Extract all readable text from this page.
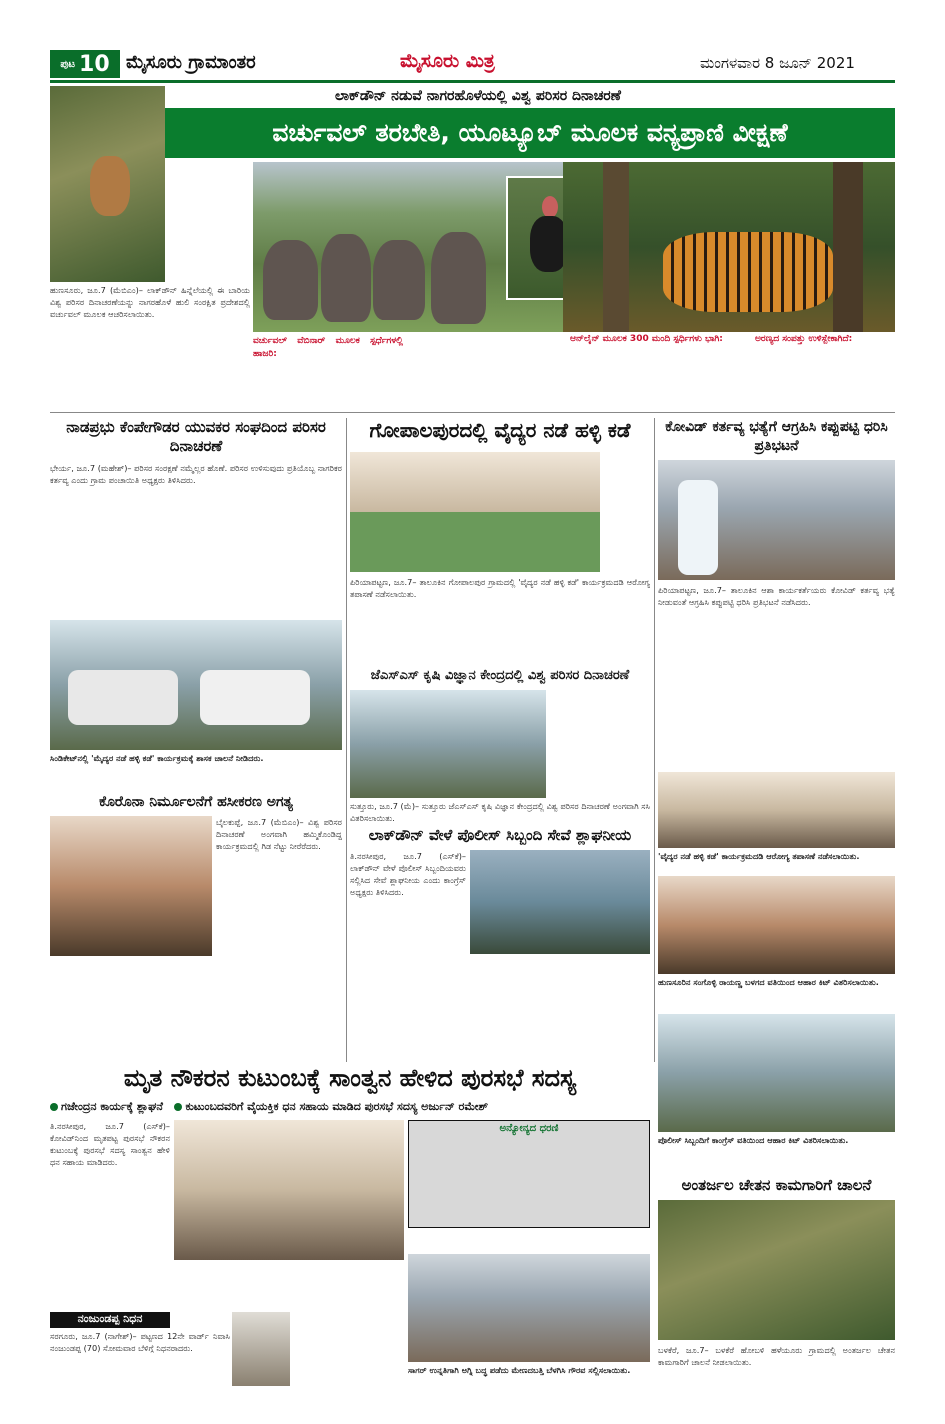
ಪುಟ 10 ಮೈಸೂರು ಗ್ರಾಮಾಂತರ	ಮೈಸೂರು ಮಿತ್ರ	ಮಂಗಳವಾರ 8 ಜೂನ್ 2021
ಲಾಕ್‌ಡೌನ್ ನಡುವೆ ನಾಗರಹೊಳೆಯಲ್ಲಿ ವಿಶ್ವ ಪರಿಸರ ದಿನಾಚರಣೆ
ವರ್ಚುವಲ್ ತರಬೇತಿ, ಯೂಟ್ಯೂಬ್ ಮೂಲಕ ವನ್ಯಪ್ರಾಣಿ ವೀಕ್ಷಣೆ
ಹುಣಸೂರು, ಜೂ.7 (ಮೆಬಿಎಂ)– ಲಾಕ್‌ಡೌನ್ ಹಿನ್ನೆಲೆಯಲ್ಲಿ ಈ ಬಾರಿಯ ವಿಶ್ವ ಪರಿಸರ ದಿನಾಚರಣೆಯನ್ನು ನಾಗರಹೊಳೆ ಹುಲಿ ಸಂರಕ್ಷಿತ ಪ್ರದೇಶದಲ್ಲಿ ವರ್ಚುವಲ್ ಮೂಲಕ ಆಚರಿಸಲಾಯಿತು.
ವರ್ಚುವಲ್ ವೆಬಿನಾರ್ ಮೂಲಕ ಸ್ಪರ್ಧೆಗಳಲ್ಲಿ ಹಾಜರಿ:
ಆನ್‌ಲೈನ್ ಮೂಲಕ 300 ಮಂದಿ ಸ್ಪರ್ಧಿಗಳು ಭಾಗಿ:	ಅರಣ್ಯದ ಸಂಪತ್ತು ಉಳಿಸ್ಬೇಕಾಗಿದೆ:
ನಾಡಪ್ರಭು ಕೆಂಪೇಗೌಡರ ಯುವಕರ ಸಂಘದಿಂದ ಪರಿಸರ ದಿನಾಚರಣೆ
ಭೇರ್ಯ, ಜೂ.7 (ಮಹೇಶ್)– ಪರಿಸರ ಸಂರಕ್ಷಣೆ ನಮ್ಮೆಲ್ಲರ ಹೊಣೆ. ಪರಿಸರ ಉಳಿಸುವುದು ಪ್ರತಿಯೊಬ್ಬ ನಾಗರಿಕರ ಕರ್ತವ್ಯ ಎಂದು ಗ್ರಾಮ ಪಂಚಾಯಿತಿ ಅಧ್ಯಕ್ಷರು ತಿಳಿಸಿದರು.
ಸಿಂಡಿಕೇಟ್‌ನಲ್ಲಿ 'ಮೈದ್ಯರ ನಡೆ ಹಳ್ಳಿ ಕಡೆ' ಕಾರ್ಯಕ್ರಮಕ್ಕೆ ಶಾಸಕ ಚಾಲನೆ ನೀಡಿದರು.
ಕೊರೊನಾ ನಿರ್ಮೂಲನೆಗೆ ಹಸೀಕರಣ ಅಗತ್ಯ
ಬೈಲಕುಪ್ಪೆ, ಜೂ.7 (ಮೆಬಿಎಂ)– ವಿಶ್ವ ಪರಿಸರ ದಿನಾಚರಣೆ ಅಂಗವಾಗಿ ಹಮ್ಮಿಕೊಂಡಿದ್ದ ಕಾರ್ಯಕ್ರಮದಲ್ಲಿ ಗಿಡ ನೆಟ್ಟು ನೀರೆರೆದರು.
ಗೋಪಾಲಪುರದಲ್ಲಿ ವೈದ್ಯರ ನಡೆ ಹಳ್ಳಿ ಕಡೆ
ಪಿರಿಯಾಪಟ್ಟಣ, ಜೂ.7– ತಾಲೂಕಿನ ಗೋಪಾಲಪುರ ಗ್ರಾಮದಲ್ಲಿ 'ವೈದ್ಯರ ನಡೆ ಹಳ್ಳಿ ಕಡೆ' ಕಾರ್ಯಕ್ರಮದಡಿ ಆರೋಗ್ಯ ತಪಾಸಣೆ ನಡೆಸಲಾಯಿತು.
ಜೆಎಸ್‌ಎಸ್ ಕೃಷಿ ವಿಜ್ಞಾನ ಕೇಂದ್ರದಲ್ಲಿ ವಿಶ್ವ ಪರಿಸರ ದಿನಾಚರಣೆ
ಸುತ್ತೂರು, ಜೂ.7 (ಮೆ)– ಸುತ್ತೂರು ಜೆಎಸ್‌ಎಸ್ ಕೃಷಿ ವಿಜ್ಞಾನ ಕೇಂದ್ರದಲ್ಲಿ ವಿಶ್ವ ಪರಿಸರ ದಿನಾಚರಣೆ ಅಂಗವಾಗಿ ಸಸಿ ವಿತರಿಸಲಾಯಿತು.
ಲಾಕ್‌ಡೌನ್ ವೇಳೆ ಪೊಲೀಸ್ ಸಿಬ್ಬಂದಿ ಸೇವೆ ಶ್ಲಾಘನೀಯ
ತಿ.ನರಸೀಪುರ, ಜೂ.7 (ಎಸ್‌ಕೆ)– ಲಾಕ್‌ಡೌನ್ ವೇಳೆ ಪೊಲೀಸ್ ಸಿಬ್ಬಂದಿಯವರು ಸಲ್ಲಿಸಿದ ಸೇವೆ ಶ್ಲಾಘನೀಯ ಎಂದು ಕಾಂಗ್ರೆಸ್ ಅಧ್ಯಕ್ಷರು ತಿಳಿಸಿದರು.
ಕೋವಿಡ್ ಕರ್ತವ್ಯ ಭತ್ಯೆಗೆ ಆಗ್ರಹಿಸಿ ಕಪ್ಪುಪಟ್ಟಿ ಧರಿಸಿ ಪ್ರತಿಭಟನೆ
ಪಿರಿಯಾಪಟ್ಟಣ, ಜೂ.7– ತಾಲೂಕಿನ ಆಶಾ ಕಾರ್ಯಕರ್ತೆಯರು ಕೋವಿಡ್ ಕರ್ತವ್ಯ ಭತ್ಯೆ ನೀಡುವಂತೆ ಆಗ್ರಹಿಸಿ ಕಪ್ಪುಪಟ್ಟಿ ಧರಿಸಿ ಪ್ರತಿಭಟನೆ ನಡೆಸಿದರು.
'ವೈದ್ಯರ ನಡೆ ಹಳ್ಳಿ ಕಡೆ' ಕಾರ್ಯಕ್ರಮದಡಿ ಆರೋಗ್ಯ ತಪಾಸಣೆ ನಡೆಸಲಾಯಿತು.
ಹುಣಸೂರಿನ ಸಂಗೊಳ್ಳಿ ರಾಯಣ್ಣ ಬಳಗದ ವತಿಯಿಂದ ಆಹಾರ ಕಿಟ್ ವಿತರಿಸಲಾಯಿತು.
ಪೊಲೀಸ್ ಸಿಬ್ಬಂದಿಗೆ ಕಾಂಗ್ರೆಸ್ ವತಿಯಿಂದ ಆಹಾರ ಕಿಟ್ ವಿತರಿಸಲಾಯಿತು.
ಅಂತರ್ಜಲ ಚೇತನ ಕಾಮಗಾರಿಗೆ ಚಾಲನೆ
ಬಳಕೆರೆ, ಜೂ.7– ಬಳಕೆರೆ ಹೋಬಳಿ ಹಳೆಯೂರು ಗ್ರಾಮದಲ್ಲಿ ಅಂತರ್ಜಲ ಚೇತನ ಕಾಮಗಾರಿಗೆ ಚಾಲನೆ ನೀಡಲಾಯಿತು.
ಮೃತ ನೌಕರನ ಕುಟುಂಬಕ್ಕೆ ಸಾಂತ್ವನ ಹೇಳಿದ ಪುರಸಭೆ ಸದಸ್ಯ
ಗಜೇಂದ್ರನ ಕಾರ್ಯಕ್ಕೆ ಶ್ಲಾಘನೆ ಕುಟುಂಬದವರಿಗೆ ವೈಯಕ್ತಿಕ ಧನ ಸಹಾಯ ಮಾಡಿದ ಪುರಸಭೆ ಸದಸ್ಯ ಅರ್ಜುನ್ ರಮೇಶ್
ತಿ.ನರಸೀಪುರ, ಜೂ.7 (ಎಸ್‌ಕೆ)– ಕೋವಿಡ್‌ನಿಂದ ಮೃತಪಟ್ಟ ಪುರಸಭೆ ನೌಕರನ ಕುಟುಂಬಕ್ಕೆ ಪುರಸಭೆ ಸದಸ್ಯ ಸಾಂತ್ವನ ಹೇಳಿ ಧನ ಸಹಾಯ ಮಾಡಿದರು.
ಅನ್ಯೋನ್ಯದ ಧರಣಿ
ಸಾಗರ್ ಉನ್ನತಿಗಾಗಿ ಅಗ್ನಿ ಬದ್ಧ ಪಡೆದು ಮೇಣದಬತ್ತಿ ಬೆಳಗಿಸಿ ಗೌರವ ಸಲ್ಲಿಸಲಾಯಿತು.
ನಂಜುಂಡಪ್ಪ ನಿಧನ
ಸರಗೂರು, ಜೂ.7 (ನಾಗೇಶ್)– ಪಟ್ಟಣದ 12ನೇ ವಾರ್ಡ್ ನಿವಾಸಿ ನಂಜುಂಡಪ್ಪ (70) ಸೋಮವಾರ ಬೆಳಿಗ್ಗೆ ನಿಧನರಾದರು.
